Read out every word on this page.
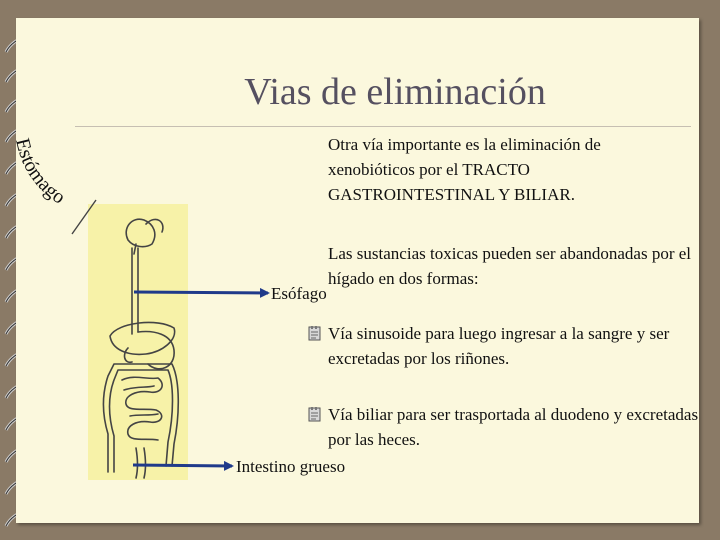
Vias de eliminación
Estómago
Otra vía importante es la eliminación de xenobióticos por el TRACTO GASTROINTESTINAL Y BILIAR.
Las sustancias toxicas pueden ser abandonadas por el hígado en dos formas:
Esófago
Vía sinusoide para luego ingresar a la sangre y ser excretadas por los riñones.
Vía biliar para ser trasportada al duodeno y excretadas por las heces.
Intestino grueso
